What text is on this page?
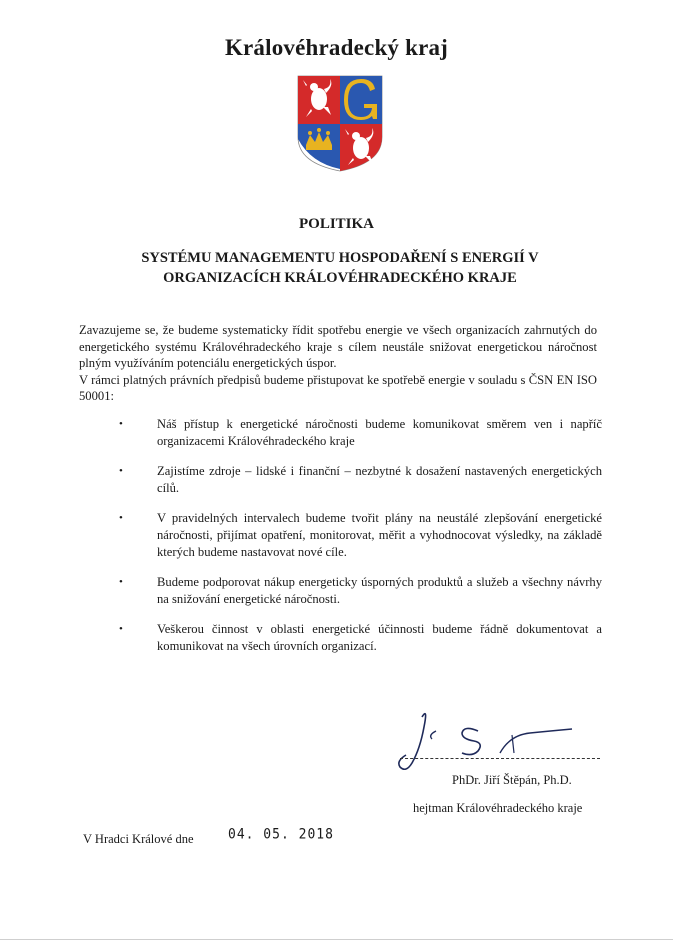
Královéhradecký kraj
POLITIKA
SYSTÉMU MANAGEMENTU HOSPODAŘENÍ S ENERGIÍ V
ORGANIZACÍCH KRÁLOVÉHRADECKÉHO KRAJE

Zavazujeme se, že budeme systematicky řídit spotřebu energie ve všech organizacích zahrnutých do energetického systému Královéhradeckého kraje s cílem neustále snižovat energetickou náročnost plným využíváním potenciálu energetických úspor.

V rámci platných právních předpisů budeme přistupovat ke spotřebě energie v souladu s ČSN EN ISO 50001:

•	Náš přístup k energetické náročnosti budeme komunikovat směrem ven i napříč organizacemi Královéhradeckého kraje
•	Zajistíme zdroje – lidské i finanční – nezbytné k dosažení nastavených energetických cílů.
•	V pravidelných intervalech budeme tvořit plány na neustálé zlepšování energetické náročnosti, přijímat opatření, monitorovat, měřit a vyhodnocovat výsledky, na základě kterých budeme nastavovat nové cíle.
•	Budeme podporovat nákup energeticky úsporných produktů a služeb a všechny návrhy na snižování energetické náročnosti.
•	Veškerou činnost v oblasti energetické účinnosti budeme řádně dokumentovat a komunikovat na všech úrovních organizací.
PhDr. Jiří Štěpán, Ph.D.
hejtman Královéhradeckého kraje
V Hradci Králové dne	04. 05. 2018
